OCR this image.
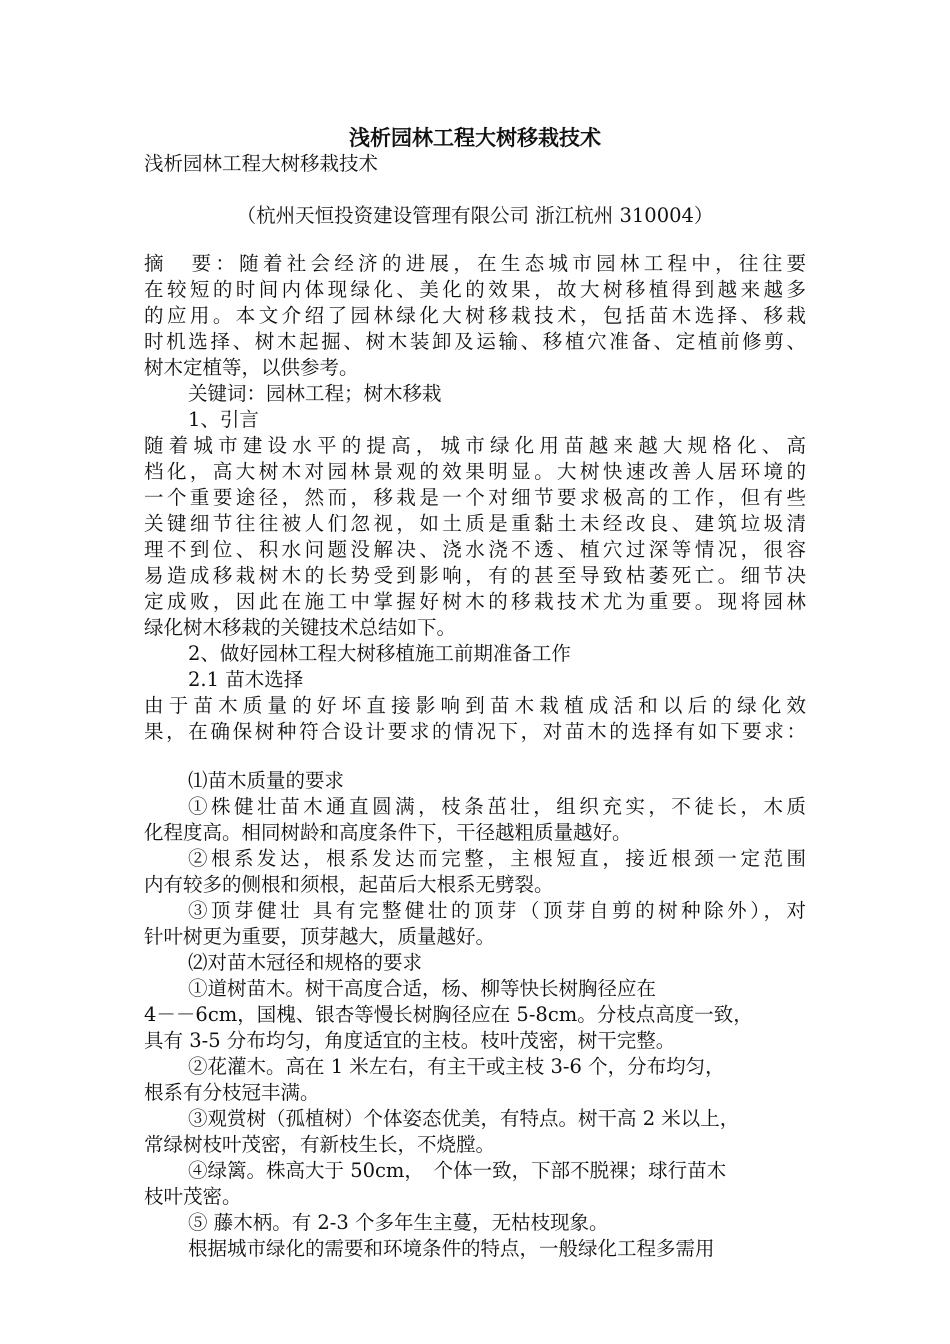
浅析园林工程大树移栽技术
浅析园林工程大树移栽技术
（杭州天恒投资建设管理有限公司 浙江杭州 310004）
摘　要：随着社会经济的进展，在生态城市园林工程中，往往要
在较短的时间内体现绿化、美化的效果，故大树移植得到越来越多
的应用。本文介绍了园林绿化大树移栽技术，包括苗木选择、移栽
时机选择、树木起掘、树木装卸及运输、移植穴准备、定植前修剪、
树木定植等，以供参考。
关键词：园林工程；树木移栽
1、引言
随着城市建设水平的提高，城市绿化用苗越来越大规格化、高
档化，高大树木对园林景观的效果明显。大树快速改善人居环境的
一个重要途径，然而，移栽是一个对细节要求极高的工作，但有些
关键细节往往被人们忽视，如土质是重黏土未经改良、建筑垃圾清
理不到位、积水问题没解决、浇水浇不透、植穴过深等情况，很容
易造成移栽树木的长势受到影响，有的甚至导致枯萎死亡。细节决
定成败，因此在施工中掌握好树木的移栽技术尤为重要。现将园林
绿化树木移栽的关键技术总结如下。
2、做好园林工程大树移植施工前期准备工作
2.1 苗木选择
由于苗木质量的好坏直接影响到苗木栽植成活和以后的绿化效
果，在确保树种符合设计要求的情况下，对苗木的选择有如下要求：
⑴苗木质量的要求
①株健壮苗木通直圆满，枝条茁壮，组织充实，不徒长，木质
化程度高。相同树龄和高度条件下，干径越粗质量越好。
②根系发达，根系发达而完整，主根短直，接近根颈一定范围
内有较多的侧根和须根，起苗后大根系无劈裂。
③顶芽健壮 具有完整健壮的顶芽（顶芽自剪的树种除外），对
针叶树更为重要，顶芽越大，质量越好。
⑵对苗木冠径和规格的要求
①道树苗木。树干高度合适，杨、柳等快长树胸径应在
4－－6cm，国槐、银杏等慢长树胸径应在 5-8cm。分枝点高度一致，
具有 3-5 分布均匀，角度适宜的主枝。枝叶茂密，树干完整。
②花灌木。高在 1 米左右，有主干或主枝 3-6 个，分布均匀，
根系有分枝冠丰满。
③观赏树（孤植树）个体姿态优美，有特点。树干高 2 米以上，
常绿树枝叶茂密，有新枝生长，不烧膛。
④绿篱。株高大于 50cm，　个体一致，下部不脱裸；球行苗木
枝叶茂密。
⑤ 藤木柄。有 2-3 个多年生主蔓，无枯枝现象。
根据城市绿化的需要和环境条件的特点，一般绿化工程多需用
